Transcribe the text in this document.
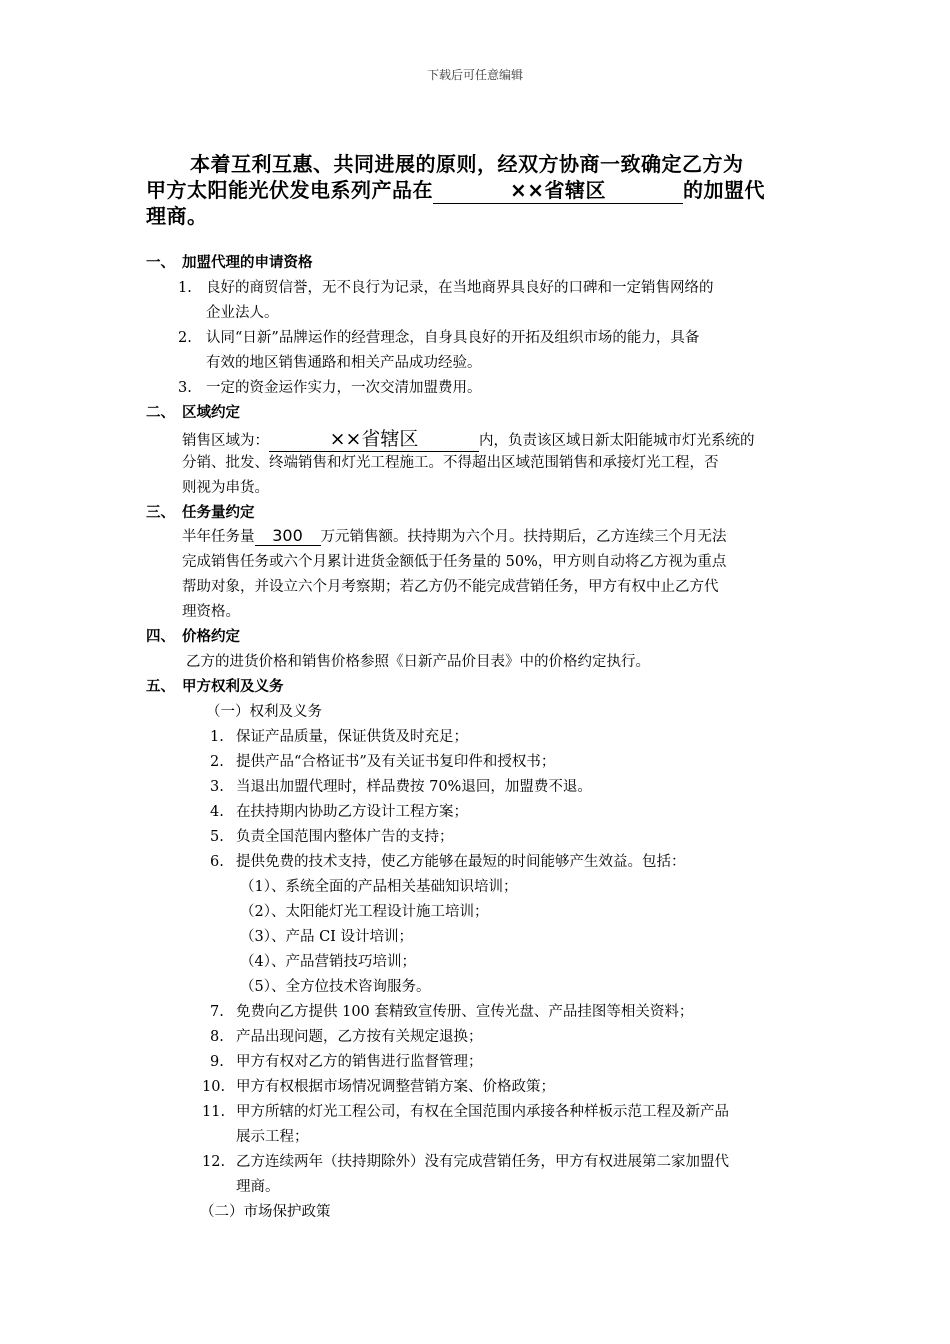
下载后可任意编辑
本着互利互惠、共同进展的原则，经双方协商一致确定乙方为
甲方太阳能光伏发电系列产品在	××省辖区	的加盟代
理商。
一、 加盟代理的申请资格
1. 良好的商贸信誉，无不良行为记录，在当地商界具良好的口碑和一定销售网络的
企业法人。
2. 认同“日新”品牌运作的经营理念，自身具良好的开拓及组织市场的能力，具备
有效的地区销售通路和相关产品成功经验。
3. 一定的资金运作实力，一次交清加盟费用。
二、 区域约定
销售区域为：	××省辖区	内，负责该区域日新太阳能城市灯光系统的
分销、批发、终端销售和灯光工程施工。不得超出区域范围销售和承接灯光工程，否
则视为串货。
三、 任务量约定
半年任务量 300 万元销售额。扶持期为六个月。扶持期后，乙方连续三个月无法
完成销售任务或六个月累计进货金额低于任务量的 50%，甲方则自动将乙方视为重点
帮助对象，并设立六个月考察期；若乙方仍不能完成营销任务，甲方有权中止乙方代
理资格。
四、 价格约定
乙方的进货价格和销售价格参照《日新产品价目表》中的价格约定执行。
五、 甲方权利及义务
（一）权利及义务
1. 保证产品质量，保证供货及时充足；
2. 提供产品“合格证书”及有关证书复印件和授权书；
3. 当退出加盟代理时，样品费按 70%退回，加盟费不退。
4. 在扶持期内协助乙方设计工程方案；
5. 负责全国范围内整体广告的支持；
6. 提供免费的技术支持，使乙方能够在最短的时间能够产生效益。包括：
（1）、系统全面的产品相关基础知识培训；
（2）、太阳能灯光工程设计施工培训；
（3）、产品 CI 设计培训；
（4）、产品营销技巧培训；
（5）、全方位技术咨询服务。
7. 免费向乙方提供 100 套精致宣传册、宣传光盘、产品挂图等相关资料；
8. 产品出现问题，乙方按有关规定退换；
9. 甲方有权对乙方的销售进行监督管理；
10. 甲方有权根据市场情况调整营销方案、价格政策；
11. 甲方所辖的灯光工程公司，有权在全国范围内承接各种样板示范工程及新产品
展示工程；
12. 乙方连续两年（扶持期除外）没有完成营销任务，甲方有权进展第二家加盟代
理商。
（二）市场保护政策
